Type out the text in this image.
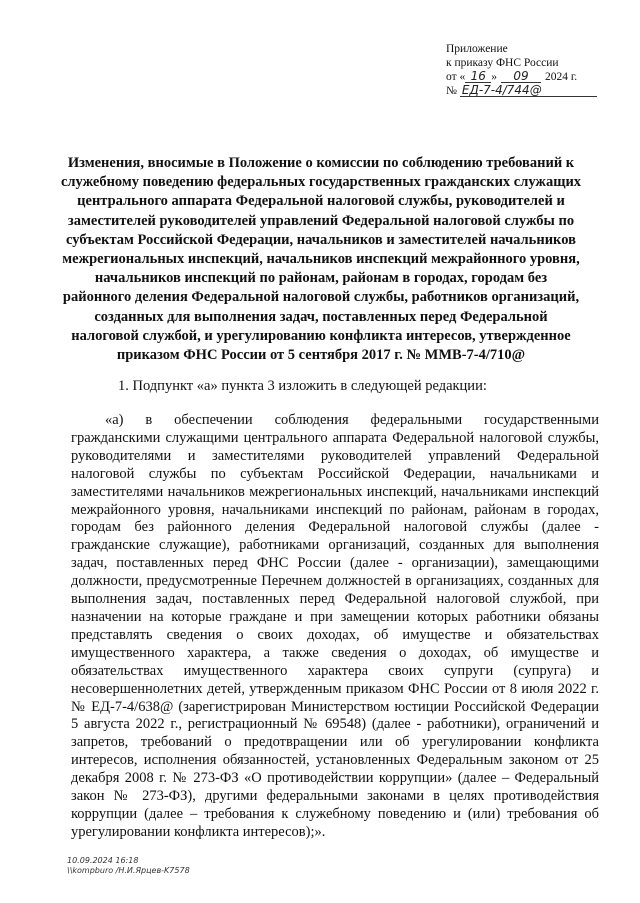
Приложение
к приказу ФНС России
от « 16 » 09 2024 г.
№ ЕД-7-4/744@
Изменения, вносимые в Положение о комиссии по соблюдению требований к служебному поведению федеральных государственных гражданских служащих центрального аппарата Федеральной налоговой службы, руководителей и заместителей руководителей управлений Федеральной налоговой службы по субъектам Российской Федерации, начальников и заместителей начальников межрегиональных инспекций, начальников инспекций межрайонного уровня, начальников инспекций по районам, районам в городах, городам без районного деления Федеральной налоговой службы, работников организаций, созданных для выполнения задач, поставленных перед Федеральной налоговой службой, и урегулированию конфликта интересов, утвержденное приказом ФНС России от 5 сентября 2017 г. № ММВ-7-4/710@
1. Подпункт «а» пункта 3 изложить в следующей редакции:
«а) в обеспечении соблюдения федеральными государственными гражданскими служащими центрального аппарата Федеральной налоговой службы, руководителями и заместителями руководителей управлений Федеральной налоговой службы по субъектам Российской Федерации, начальниками и заместителями начальников межрегиональных инспекций, начальниками инспекций межрайонного уровня, начальниками инспекций по районам, районам в городах, городам без районного деления Федеральной налоговой службы (далее - гражданские служащие), работниками организаций, созданных для выполнения задач, поставленных перед ФНС России (далее - организации), замещающими должности, предусмотренные Перечнем должностей в организациях, созданных для выполнения задач, поставленных перед Федеральной налоговой службой, при назначении на которые граждане и при замещении которых работники обязаны представлять сведения о своих доходах, об имуществе и обязательствах имущественного характера, а также сведения о доходах, об имуществе и обязательствах имущественного характера своих супруги (супруга) и несовершеннолетних детей, утвержденным приказом ФНС России от 8 июля 2022 г. № ЕД-7-4/638@ (зарегистрирован Министерством юстиции Российской Федерации 5 августа 2022 г., регистрационный № 69548) (далее - работники), ограничений и запретов, требований о предотвращении или об урегулировании конфликта интересов, исполнения обязанностей, установленных Федеральным законом от 25 декабря 2008 г. № 273-ФЗ «О противодействии коррупции» (далее – Федеральный закон № 273-ФЗ), другими федеральными законами в целях противодействия коррупции (далее – требования к служебному поведению и (или) требования об урегулировании конфликта интересов);».
10.09.2024 16:18
\\kompburo /Н.И.Ярцев-K7578
